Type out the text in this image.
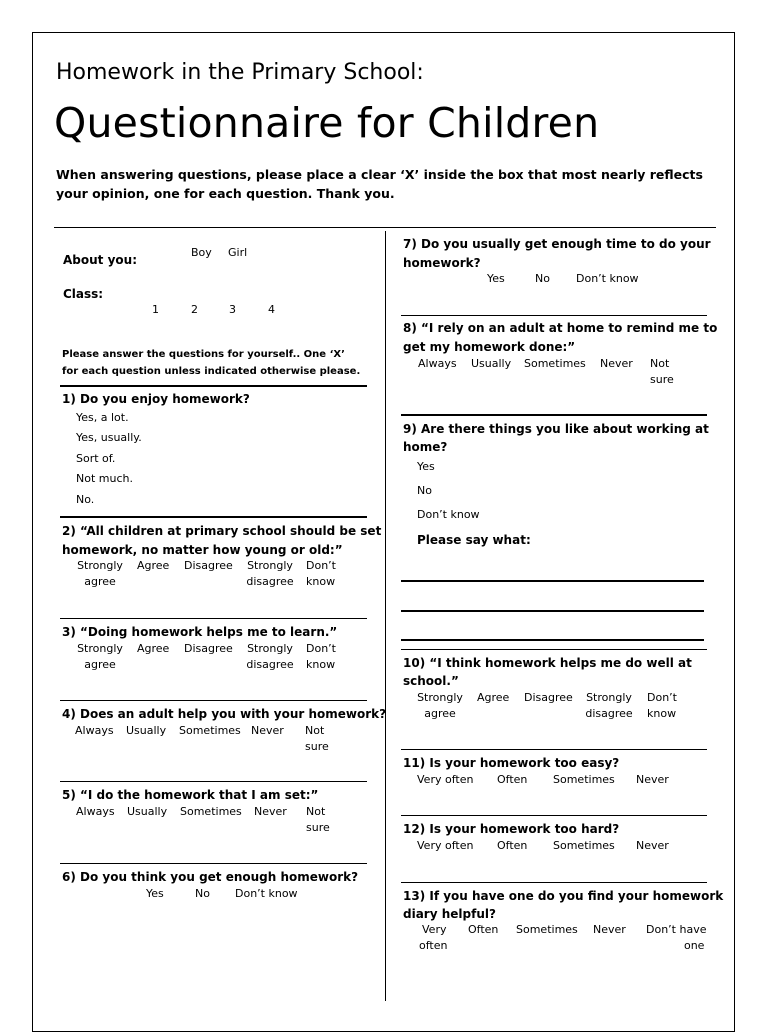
Homework in the Primary School:
Questionnaire for Children
When answering questions, please place a clear ‘X’ inside the box that most nearly reflects your opinion, one for each question. Thank you.
About you:
Boy Girl
Class:
1	2	3	4
Please answer the questions for yourself.. One ‘X’
for each question unless indicated otherwise please.
1) Do you enjoy homework?
Yes, a lot.
Yes, usually.
Sort of.
Not much.
No.
2) “All children at primary school should be set
homework, no matter how young or old:”
Strongly
agree
Agree Disagree	Strongly
disagree
Don’t
know
3) “Doing homework helps me to learn.”
Strongly
agree
Agree Disagree	Strongly
disagree
Don’t
know
4) Does an adult help you with your homework?
Always Usually Sometimes Never Not
sure
5) “I do the homework that I am set:”
Always Usually Sometimes Never Not
sure
6) Do you think you get enough homework?
Yes	No Don’t know
7) Do you usually get enough time to do your
homework?
Yes	No Don’t know
8) “I rely on an adult at home to remind me to
get my homework done:”
Always Usually Sometimes Never Not
sure
9) Are there things you like about working at
home?
Yes
No
Don’t know
Please say what:
10) “I think homework helps me do well at
school.”
Strongly
agree
Agree Disagree	Strongly
disagree
Don’t
know
11) Is your homework too easy?
Very often Often Sometimes Never
12) Is your homework too hard?
Very often Often Sometimes Never
13) If you have one do you find your homework
diary helpful?
Very
often
Often Sometimes Never Don’t have
one
